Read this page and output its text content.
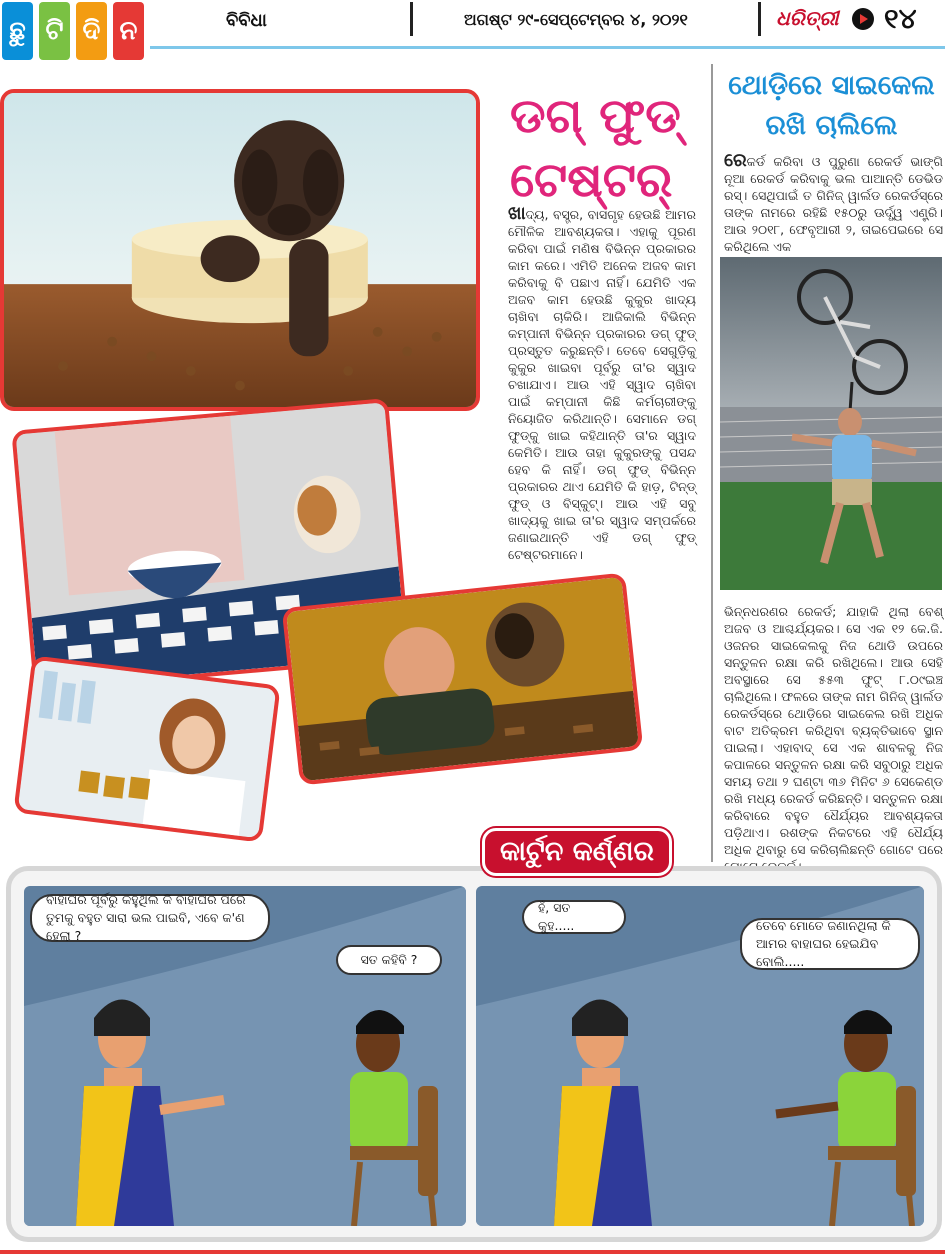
ଛୁ ଟି ଦି ନ	ବିବିଧା	ଅଗଷ୍ଟ ୨୯-ସେପ୍ଟେମ୍ବର ୪, ୨୦୨୧	ଧରିତ୍ରୀ ୧୪
ଡଗ୍ ଫୁଡ୍
ଟେଷ୍ଟର୍
ଖାଦ୍ୟ, ବସ୍ତ୍ର, ବାସଗୃହ ହେଉଛି ଆମର ମୌଳିକ ଆବଶ୍ୟକତା। ଏହାକୁ ପୂରଣ କରିବା ପାଇଁ ମଣିଷ ବିଭିନ୍ନ ପ୍ରକାରର କାମ କରେ। ଏମିତି ଅନେକ ଅଜବ କାମ କରିବାକୁ ବି ପଛାଏ ନାହିଁ। ଯେମିତି ଏକ ଅଜବ କାମ ହେଉଛି କୁକୁର ଖାଦ୍ୟ ଚାଖିବା ଚାକିରି। ଆଜିକାଲି ବିଭିନ୍ନ କମ୍ପାନୀ ବିଭିନ୍ନ ପ୍ରକାରର ଡଗ୍ ଫୁଡ୍ ପ୍ରସ୍ତୁତ କରୁଛନ୍ତି। ତେବେ ସେଗୁଡ଼ିକୁ କୁକୁର ଖାଇବା ପୂର୍ବରୁ ତା'ର ସ୍ୱାଦ ଚଖାଯାଏ। ଆଉ ଏହି ସ୍ୱାଦ ଚାଖିବା ପାଇଁ କମ୍ପାନୀ କିଛି କର୍ମଚାରୀଙ୍କୁ ନିୟୋଜିତ କରିଥାନ୍ତି। ସେମାନେ ଡଗ୍ ଫୁଡ୍‌କୁ ଖାଇ କହିଥାନ୍ତି ତା'ର ସ୍ୱାଦ କେମିତି। ଆଉ ତାହା କୁକୁରଙ୍କୁ ପସନ୍ଦ ହେବ କି ନାହିଁ। ଡଗ୍ ଫୁଡ୍ ବିଭିନ୍ନ ପ୍ରକାରର ଥାଏ ଯେମିତି କି ହାଡ଼, ଟିନ୍ଡ୍ ଫୁଡ୍ ଓ ବିସ୍କୁଟ୍। ଆଉ ଏହି ସବୁ ଖାଦ୍ୟକୁ ଖାଇ ତା'ର ସ୍ୱାଦ ସମ୍ପର୍କରେ ଜଣାଇଥାନ୍ତି ଏହି ଡଗ୍ ଫୁଡ୍ ଟେଷ୍ଟରମାନେ।
ଥୋଡ଼ିରେ ସାଇକେଲ
ରଖି ଚାଲିଲେ
ରେକର୍ଡ କରିବା ଓ ପୁରୁଣା ରେକର୍ଡ ଭାଙ୍ଗି ନୂଆ ରେକର୍ଡ କରିବାକୁ ଭଲ ପାଆନ୍ତି ଡେଭିଡ ରସ୍। ସେଥିପାଇଁ ତ ଗିନିଜ୍ ୱାର୍ଲଡ ରେକର୍ଡସ୍‌ରେ ତାଙ୍କ ନାମରେ ରହିଛି ୧୫୦ରୁ ଊର୍ଦ୍ଧ୍ୱ ଏଣ୍ଟ୍ରି। ଆଉ ୨୦୧୮, ଫେବୃଆରୀ ୨, ତାଇପେଇରେ ସେ କରିଥିଲେ ଏକ
ଭିନ୍ନଧରଣର ରେକର୍ଡ; ଯାହାକି ଥିଲା ବେଶ୍ ଅଜବ ଓ ଆଶ୍ଚର୍ଯ୍ୟକର। ସେ ଏକ ୧୨ କେ.ଜି. ଓଜନର ସାଇକେଲକୁ ନିଜ ଥୋଡି ଉପରେ ସନ୍ତୁଳନ ରକ୍ଷା କରି ରଖିଥିଲେ। ଆଉ ସେହି ଅବସ୍ଥାରେ ସେ ୫୫୩ ଫୁଟ୍ ୮.୦୯ଇଞ୍ଚ ଚାଲିଥିଲେ। ଫଳରେ ତାଙ୍କ ନାମ ଗିନିଜ୍ ୱାର୍ଲଡ ରେକର୍ଡସ୍‌ରେ ଥୋଡ଼ିରେ ସାଇକେଲ ରଖି ଅଧିକ ବାଟ ଅତିକ୍ରମ କରିଥିବା ବ୍ୟକ୍ତିଭାବେ ସ୍ଥାନ ପାଇଲା। ଏହାବାଦ୍ ସେ ଏକ ଶାବଳକୁ ନିଜ କପାଳରେ ସନ୍ତୁଳନ ରକ୍ଷା କରି ସବୁଠାରୁ ଅଧିକ ସମୟ ତଥା ୨ ଘଣ୍ଟା ୩୬ ମିନିଟ ୬ ସେକେଣ୍ଡ ରଖି ମଧ୍ୟ ରେକର୍ଡ କରିଛନ୍ତି। ସନ୍ତୁଳନ ରକ୍ଷା କରିବାରେ ବହୁତ ଧୈର୍ଯ୍ୟର ଆବଶ୍ୟକତା ପଡ଼ିଥାଏ। ରଶଙ୍କ ନିକଟରେ ଏହି ଧୈର୍ଯ୍ୟ ଅଧିକ ଥିବାରୁ ସେ କରିଚାଲିଛନ୍ତି ଗୋଟେ ପରେ
କାର୍ଟୁନ କର୍ଣ୍ଣର
ବାହାଘର ପୂର୍ବରୁ କହୁଥିଲ କି ବାହାଘର ପରେ ତୁମକୁ ବହୁତ ସାରା ଭଲ ପାଇବି, ଏବେ କ'ଣ ହେଲା ?
ସତ କହିବି ?
ହଁ, ସତ କୁହ.....	ତେବେ ମୋତେ ଜଣାନଥିଲା କି ଆମର ବାହାଘର ହେଇଯିବ ବୋଲି.....
